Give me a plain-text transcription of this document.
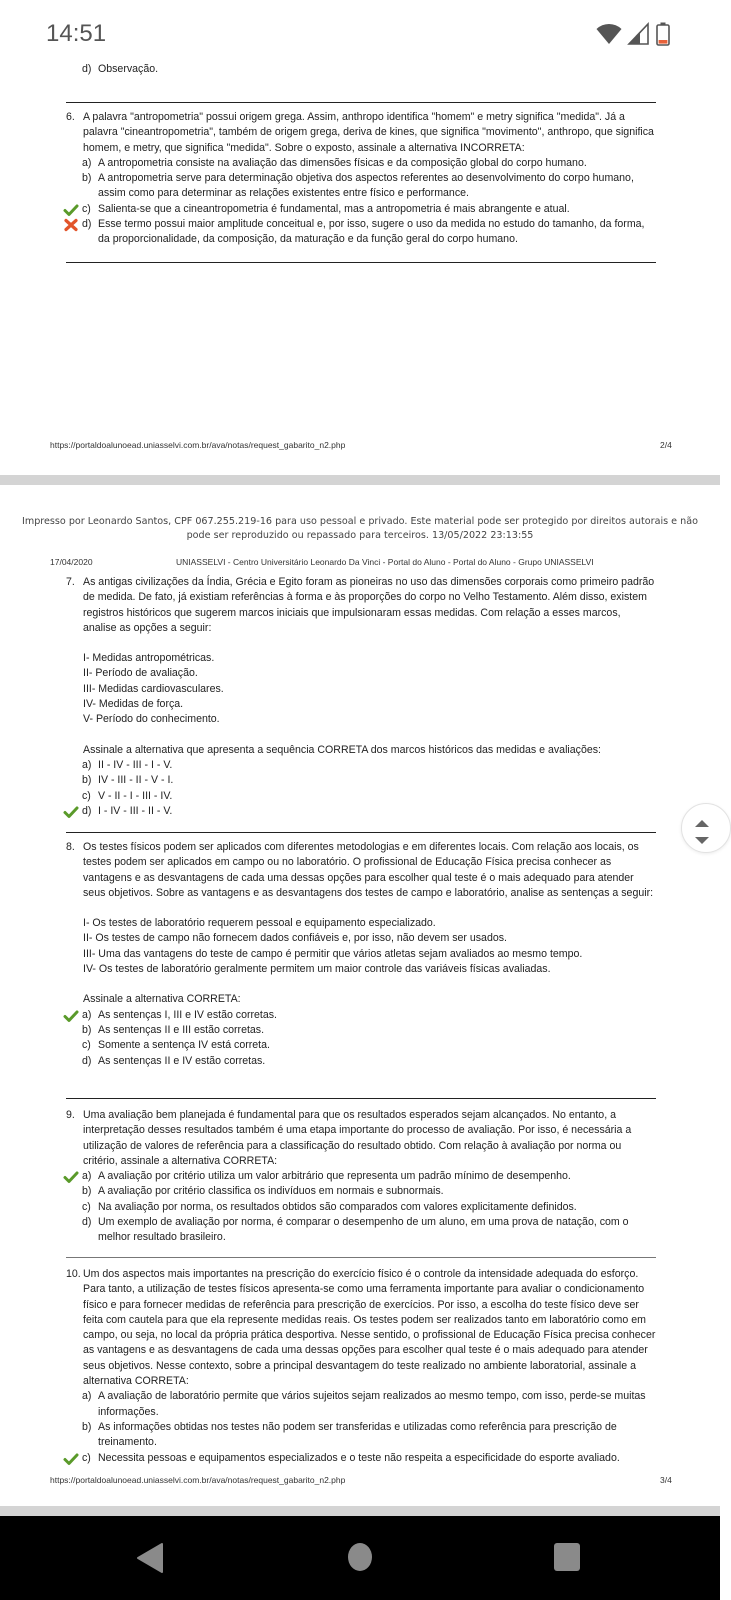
14:51
d) Observação.
6. A palavra "antropometria" possui origem grega. Assim, anthropo identifica "homem" e metry significa "medida". Já a palavra "cineantropometria", também de origem grega, deriva de kines, que significa "movimento", anthropo, que significa homem, e metry, que significa "medida". Sobre o exposto, assinale a alternativa INCORRETA:
a) A antropometria consiste na avaliação das dimensões físicas e da composição global do corpo humano.
b) A antropometria serve para determinação objetiva dos aspectos referentes ao desenvolvimento do corpo humano, assim como para determinar as relações existentes entre físico e performance.
c) Salienta-se que a cineantropometria é fundamental, mas a antropometria é mais abrangente e atual.
d) Esse termo possui maior amplitude conceitual e, por isso, sugere o uso da medida no estudo do tamanho, da forma, da proporcionalidade, da composição, da maturação e da função geral do corpo humano.
https://portaldoalunoead.uniasselvi.com.br/ava/notas/request_gabarito_n2.php	2/4
Impresso por Leonardo Santos, CPF 067.255.219-16 para uso pessoal e privado. Este material pode ser protegido por direitos autorais e não pode ser reproduzido ou repassado para terceiros. 13/05/2022 23:13:55
17/04/2020	UNIASSELVI - Centro Universitário Leonardo Da Vinci - Portal do Aluno - Portal do Aluno - Grupo UNIASSELVI
7. As antigas civilizações da Índia, Grécia e Egito foram as pioneiras no uso das dimensões corporais como primeiro padrão de medida. De fato, já existiam referências à forma e às proporções do corpo no Velho Testamento. Além disso, existem registros históricos que sugerem marcos iniciais que impulsionaram essas medidas. Com relação a esses marcos, analise as opções a seguir:
I- Medidas antropométricas.
II- Período de avaliação.
III- Medidas cardiovasculares.
IV- Medidas de força.
V- Período do conhecimento.
Assinale a alternativa que apresenta a sequência CORRETA dos marcos históricos das medidas e avaliações:
a) II - IV - III - I - V.
b) IV - III - II - V - I.
c) V - II - I - III - IV.
d) I - IV - III - II - V.
8. Os testes físicos podem ser aplicados com diferentes metodologias e em diferentes locais. Com relação aos locais, os testes podem ser aplicados em campo ou no laboratório. O profissional de Educação Física precisa conhecer as vantagens e as desvantagens de cada uma dessas opções para escolher qual teste é o mais adequado para atender seus objetivos. Sobre as vantagens e as desvantagens dos testes de campo e laboratório, analise as sentenças a seguir:
I- Os testes de laboratório requerem pessoal e equipamento especializado.
II- Os testes de campo não fornecem dados confiáveis e, por isso, não devem ser usados.
III- Uma das vantagens do teste de campo é permitir que vários atletas sejam avaliados ao mesmo tempo.
IV- Os testes de laboratório geralmente permitem um maior controle das variáveis físicas avaliadas.
Assinale a alternativa CORRETA:
a) As sentenças I, III e IV estão corretas.
b) As sentenças II e III estão corretas.
c) Somente a sentença IV está correta.
d) As sentenças II e IV estão corretas.
9. Uma avaliação bem planejada é fundamental para que os resultados esperados sejam alcançados. No entanto, a interpretação desses resultados também é uma etapa importante do processo de avaliação. Por isso, é necessária a utilização de valores de referência para a classificação do resultado obtido. Com relação à avaliação por norma ou critério, assinale a alternativa CORRETA:
a) A avaliação por critério utiliza um valor arbitrário que representa um padrão mínimo de desempenho.
b) A avaliação por critério classifica os indivíduos em normais e subnormais.
c) Na avaliação por norma, os resultados obtidos são comparados com valores explicitamente definidos.
d) Um exemplo de avaliação por norma, é comparar o desempenho de um aluno, em uma prova de natação, com o melhor resultado brasileiro.
10. Um dos aspectos mais importantes na prescrição do exercício físico é o controle da intensidade adequada do esforço. Para tanto, a utilização de testes físicos apresenta-se como uma ferramenta importante para avaliar o condicionamento físico e para fornecer medidas de referência para prescrição de exercícios. Por isso, a escolha do teste físico deve ser feita com cautela para que ela represente medidas reais. Os testes podem ser realizados tanto em laboratório como em campo, ou seja, no local da própria prática desportiva. Nesse sentido, o profissional de Educação Física precisa conhecer as vantagens e as desvantagens de cada uma dessas opções para escolher qual teste é o mais adequado para atender seus objetivos. Nesse contexto, sobre a principal desvantagem do teste realizado no ambiente laboratorial, assinale a alternativa CORRETA:
a) A avaliação de laboratório permite que vários sujeitos sejam realizados ao mesmo tempo, com isso, perde-se muitas informações.
b) As informações obtidas nos testes não podem ser transferidas e utilizadas como referência para prescrição de treinamento.
c) Necessita pessoas e equipamentos especializados e o teste não respeita a especificidade do esporte avaliado.
https://portaldoalunoead.uniasselvi.com.br/ava/notas/request_gabarito_n2.php	3/4
